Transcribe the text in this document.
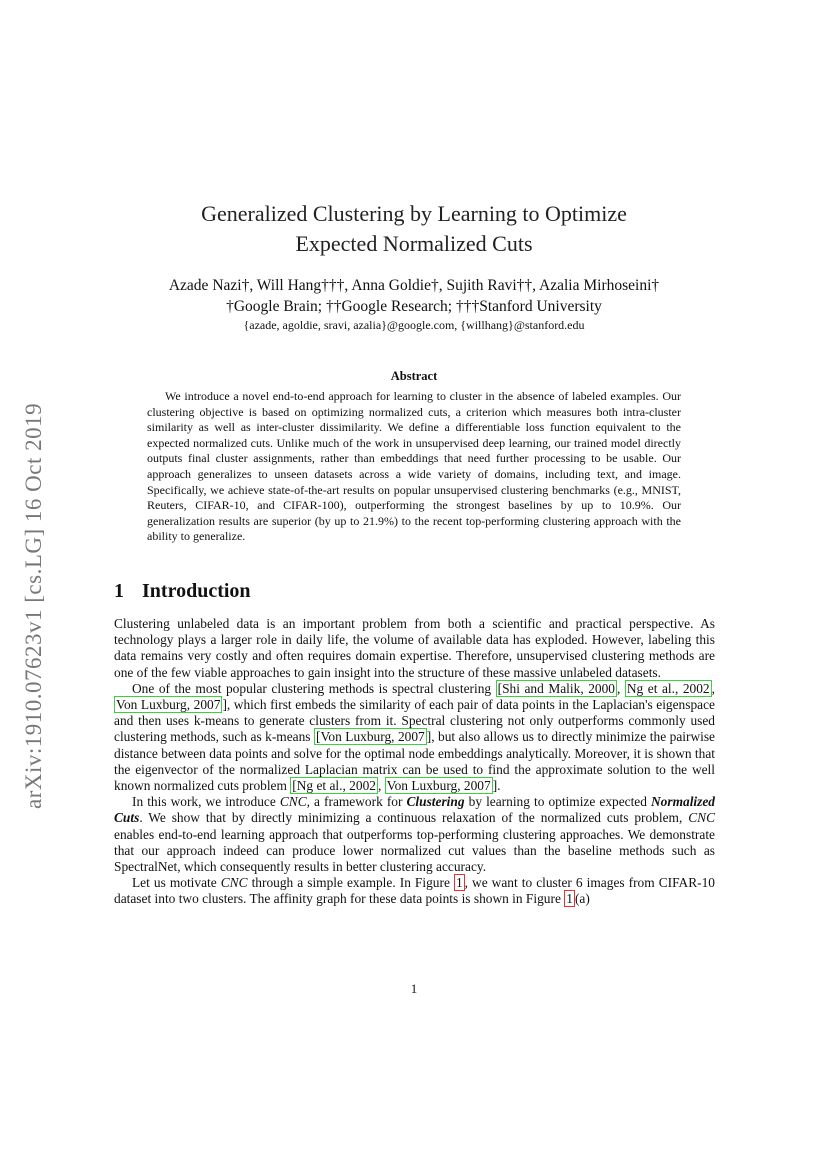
arXiv:1910.07623v1 [cs.LG] 16 Oct 2019
Generalized Clustering by Learning to Optimize
Expected Normalized Cuts
Azade Nazi†, Will Hang†††, Anna Goldie†, Sujith Ravi††, Azalia Mirhoseini†
†Google Brain; ††Google Research; †††Stanford University
{azade, agoldie, sravi, azalia}@google.com, {willhang}@stanford.edu
Abstract
We introduce a novel end-to-end approach for learning to cluster in the absence of labeled examples. Our clustering objective is based on optimizing normalized cuts, a criterion which measures both intra-cluster similarity as well as inter-cluster dissimilarity. We define a differentiable loss function equivalent to the expected normalized cuts. Unlike much of the work in unsupervised deep learning, our trained model directly outputs final cluster assignments, rather than embeddings that need further processing to be usable. Our approach generalizes to unseen datasets across a wide variety of domains, including text, and image. Specifically, we achieve state-of-the-art results on popular unsupervised clustering benchmarks (e.g., MNIST, Reuters, CIFAR-10, and CIFAR-100), outperforming the strongest baselines by up to 10.9%. Our generalization results are superior (by up to 21.9%) to the recent top-performing clustering approach with the ability to generalize.
1 Introduction

Clustering unlabeled data is an important problem from both a scientific and practical perspective. As technology plays a larger role in daily life, the volume of available data has exploded. However, labeling this data remains very costly and often requires domain expertise. Therefore, unsupervised clustering methods are one of the few viable approaches to gain insight into the structure of these massive unlabeled datasets.

One of the most popular clustering methods is spectral clustering [Shi and Malik, 2000 , Ng et al., 2002 , Von Luxburg, 2007 ], which first embeds the similarity of each pair of data points in the Laplacian's eigenspace and then uses k-means to generate clusters from it. Spectral clustering not only outperforms commonly used clustering methods, such as k-means [Von Luxburg, 2007 ], but also allows us to directly minimize the pairwise distance between data points and solve for the optimal node embeddings analytically. Moreover, it is shown that the eigenvector of the normalized Laplacian matrix can be used to find the approximate solution to the well known normalized cuts problem [Ng et al., 2002 , Von Luxburg, 2007 ].

In this work, we introduce CNC, a framework for Clustering by learning to optimize expected Normalized Cuts. We show that by directly minimizing a continuous relaxation of the normalized cuts problem, CNC enables end-to-end learning approach that outperforms top-performing clustering approaches. We demonstrate that our approach indeed can produce lower normalized cut values than the baseline methods such as SpectralNet, which consequently results in better clustering accuracy.

Let us motivate CNC through a simple example. In Figure 1 , we want to cluster 6 images from CIFAR-10 dataset into two clusters. The affinity graph for these data points is shown in Figure 1 (a)

1
